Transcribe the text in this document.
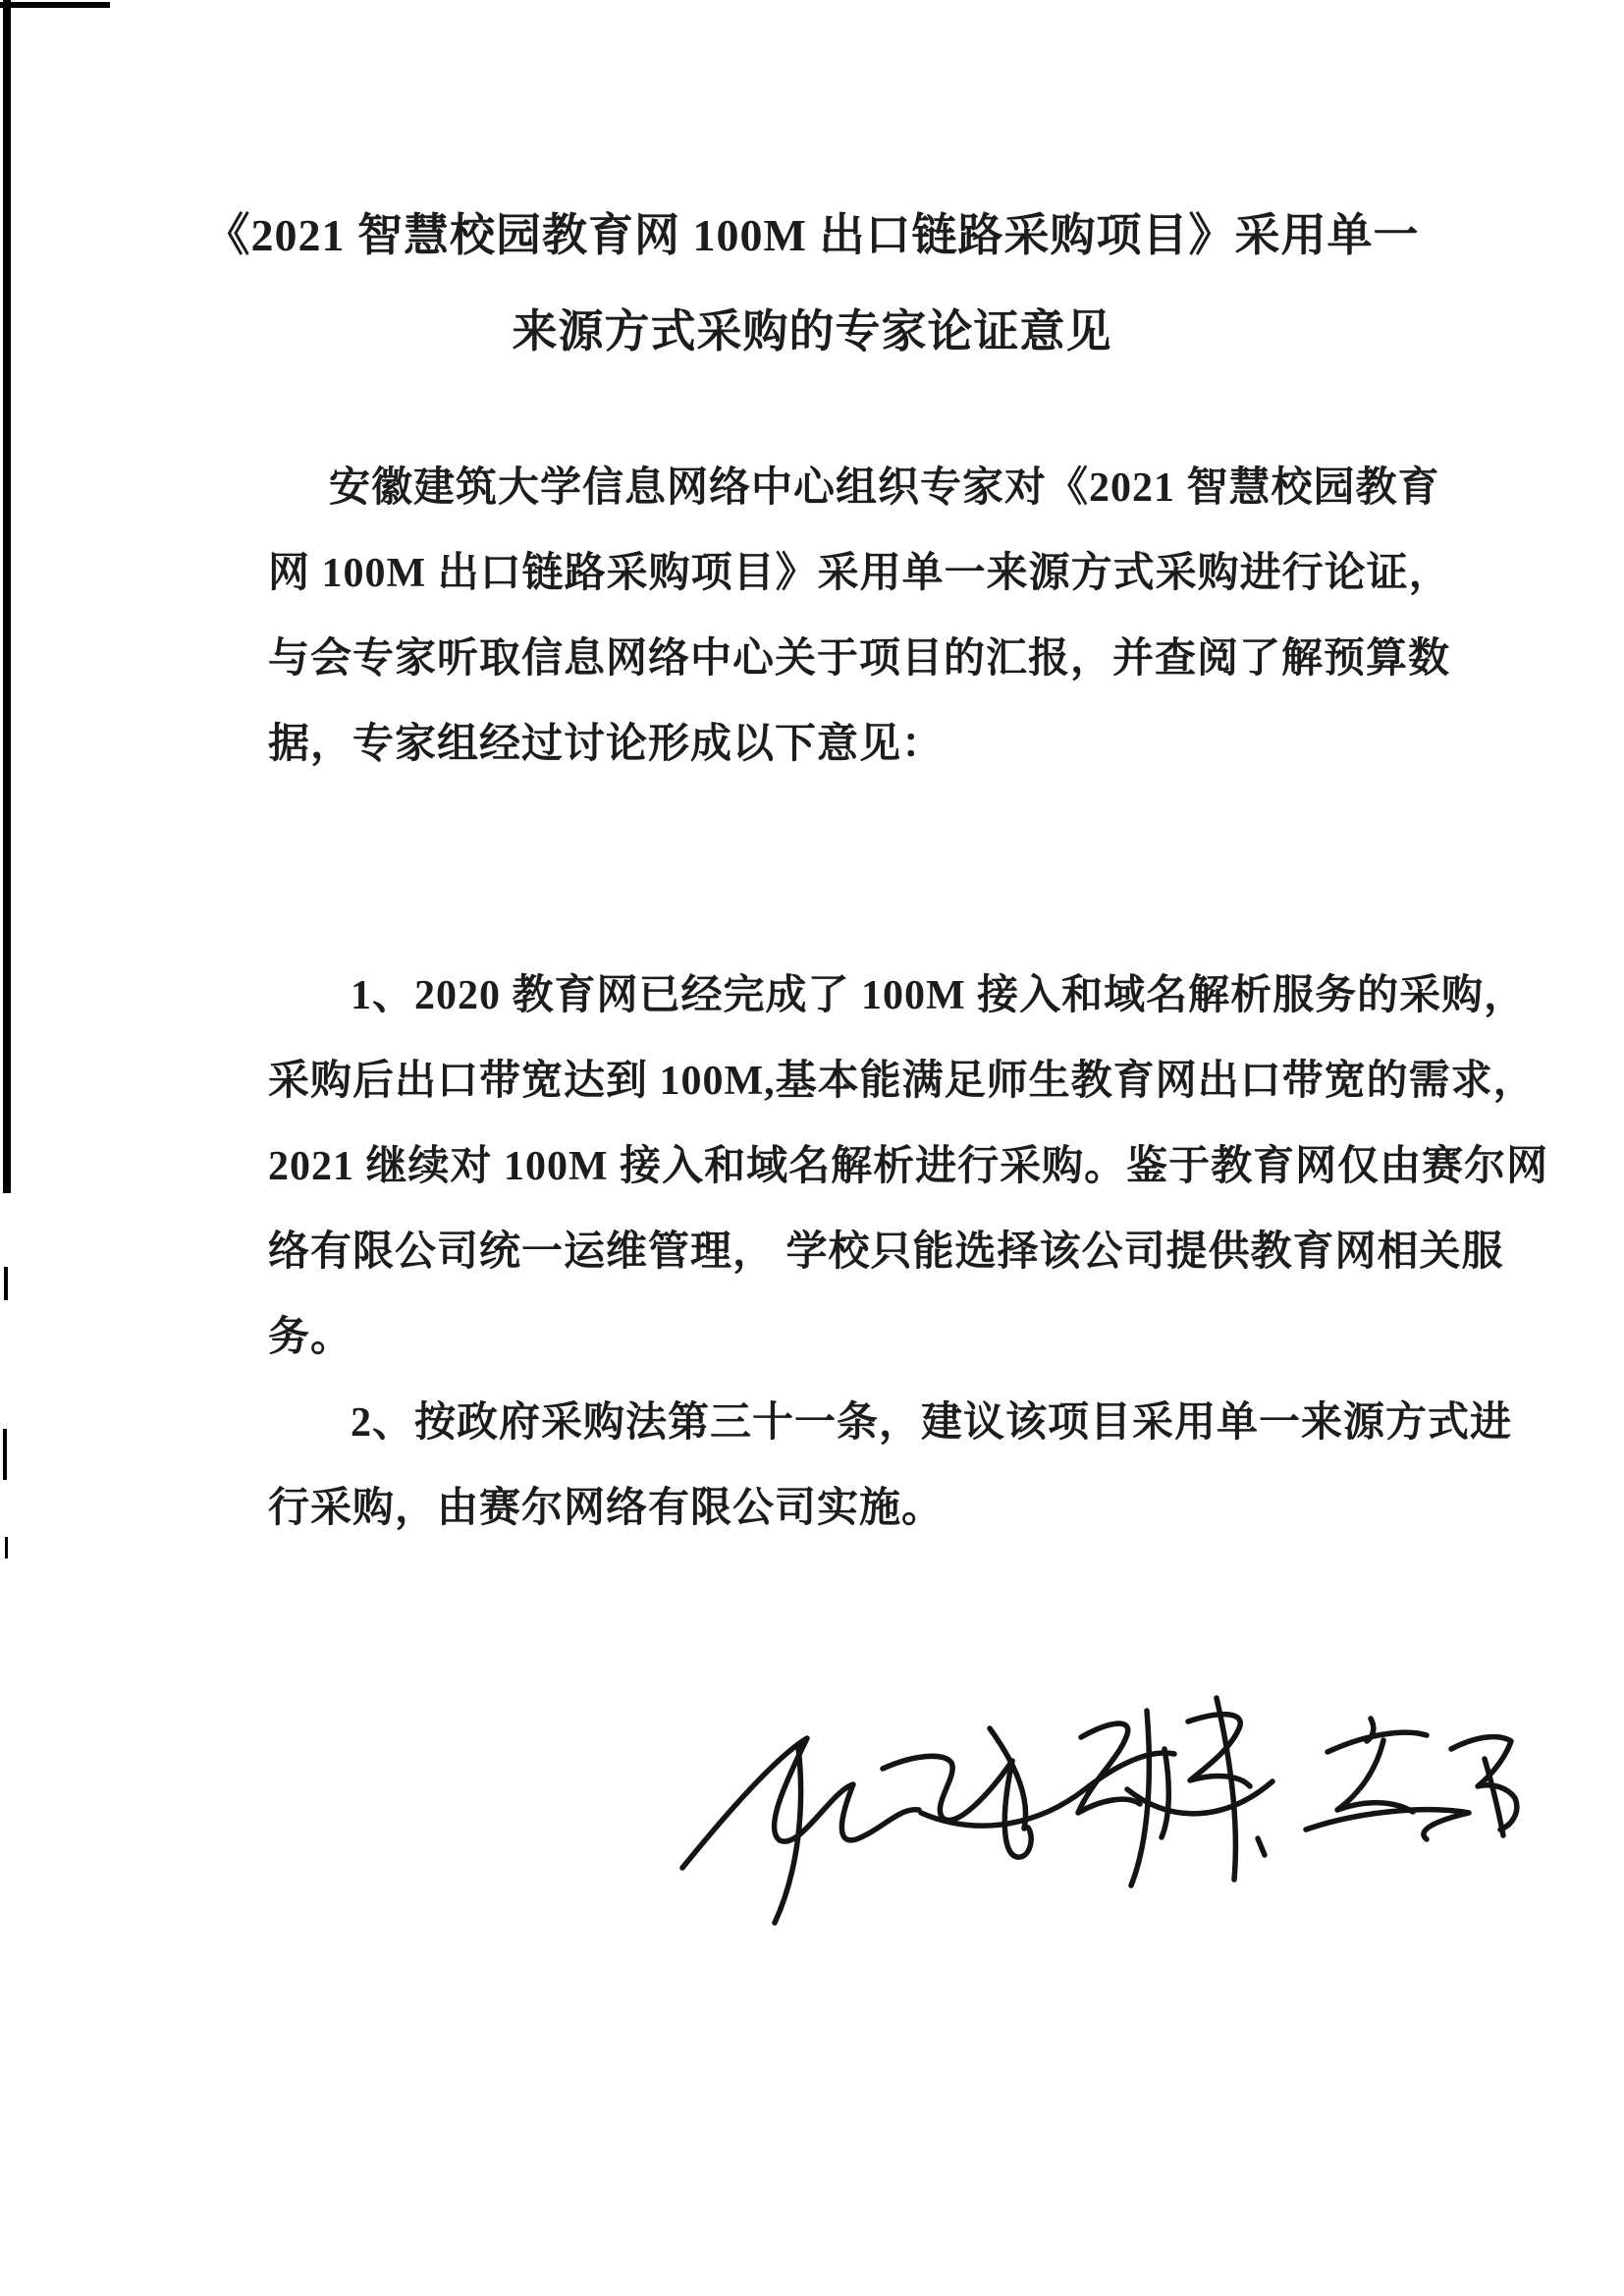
《2021 智慧校园教育网 100M 出口链路采购项目》采用单一
来源方式采购的专家论证意见
安徽建筑大学信息网络中心组织专家对《2021 智慧校园教育
网 100M 出口链路采购项目》采用单一来源方式采购进行论证，
与会专家听取信息网络中心关于项目的汇报，并查阅了解预算数
据，专家组经过讨论形成以下意见：
1、2020 教育网已经完成了 100M 接入和域名解析服务的采购，
采购后出口带宽达到 100M,基本能满足师生教育网出口带宽的需求，
2021 继续对 100M 接入和域名解析进行采购。鉴于教育网仅由赛尔网
络有限公司统一运维管理， 学校只能选择该公司提供教育网相关服
务。
2、按政府采购法第三十一条，建议该项目采用单一来源方式进
行采购，由赛尔网络有限公司实施。
